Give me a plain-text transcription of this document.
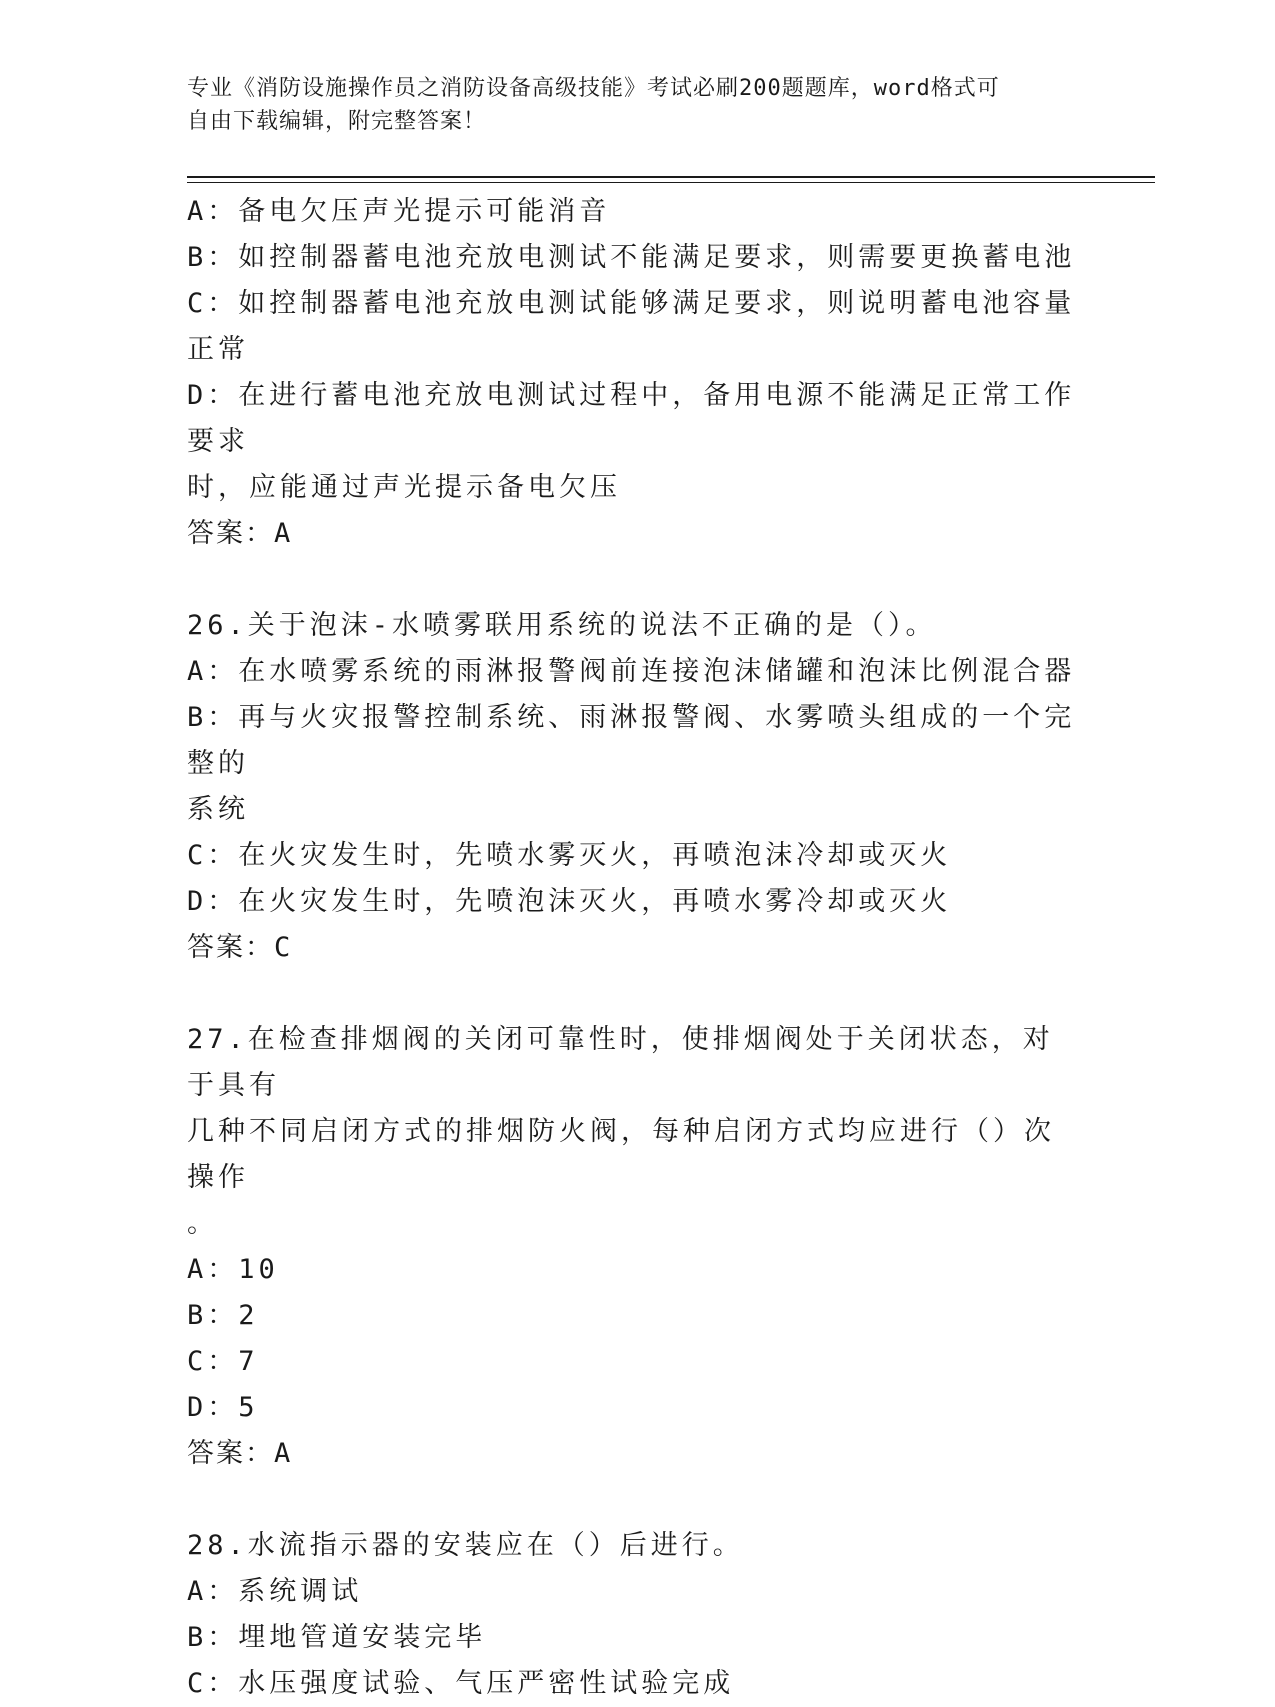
专业《消防设施操作员之消防设备高级技能》考试必刷200题题库，word格式可
自由下载编辑，附完整答案！
A：备电欠压声光提示可能消音
B：如控制器蓄电池充放电测试不能满足要求，则需要更换蓄电池
C：如控制器蓄电池充放电测试能够满足要求，则说明蓄电池容量正常
D：在进行蓄电池充放电测试过程中，备用电源不能满足正常工作要求
时，应能通过声光提示备电欠压
答案：A
26.关于泡沫-水喷雾联用系统的说法不正确的是（）。
A：在水喷雾系统的雨淋报警阀前连接泡沫储罐和泡沫比例混合器
B：再与火灾报警控制系统、雨淋报警阀、水雾喷头组成的一个完整的
系统
C：在火灾发生时，先喷水雾灭火，再喷泡沫冷却或灭火
D：在火灾发生时，先喷泡沫灭火，再喷水雾冷却或灭火
答案：C
27.在检查排烟阀的关闭可靠性时，使排烟阀处于关闭状态，对于具有
几种不同启闭方式的排烟防火阀，每种启闭方式均应进行（）次操作
。
A：10
B：2
C：7
D：5
答案：A
28.水流指示器的安装应在（）后进行。
A：系统调试
B：埋地管道安装完毕
C：水压强度试验、气压严密性试验完成
